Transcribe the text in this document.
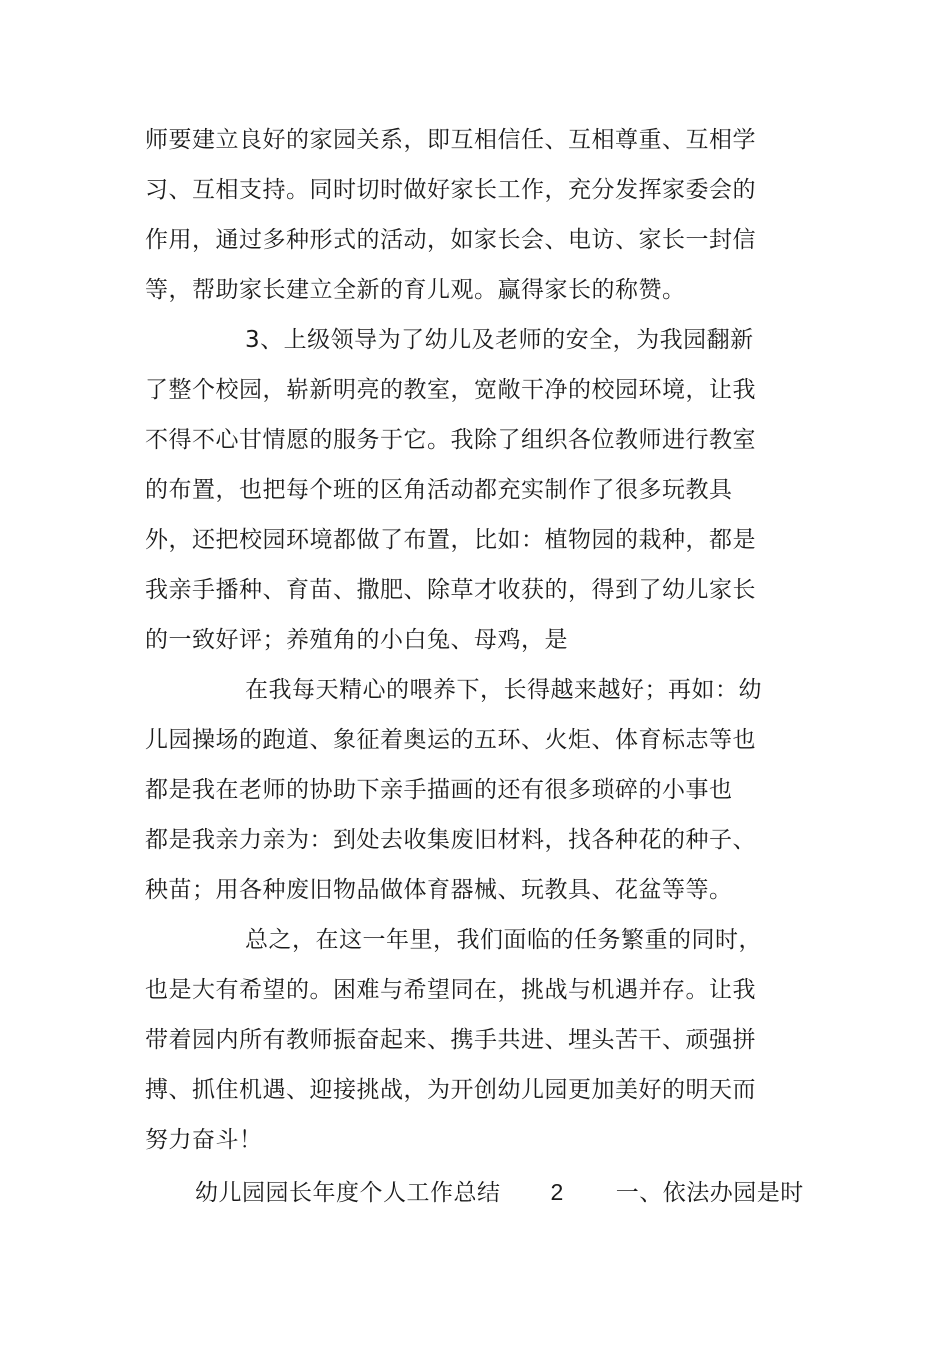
师要建立良好的家园关系，即互相信任、互相尊重、互相学
习、互相支持。同时切时做好家长工作，充分发挥家委会的
作用，通过多种形式的活动，如家长会、电访、家长一封信
等，帮助家长建立全新的育儿观。赢得家长的称赞。
3、上级领导为了幼儿及老师的安全，为我园翻新
了整个校园，崭新明亮的教室，宽敞干净的校园环境，让我
不得不心甘情愿的服务于它。我除了组织各位教师进行教室
的布置，也把每个班的区角活动都充实制作了很多玩教具
外，还把校园环境都做了布置，比如：植物园的栽种，都是
我亲手播种、育苗、撒肥、除草才收获的，得到了幼儿家长
的一致好评；养殖角的小白兔、母鸡，是
在我每天精心的喂养下，长得越来越好；再如：幼
儿园操场的跑道、象征着奥运的五环、火炬、体育标志等也
都是我在老师的协助下亲手描画的还有很多琐碎的小事也
都是我亲力亲为：到处去收集废旧材料，找各种花的种子、
秧苗；用各种废旧物品做体育器械、玩教具、花盆等等。
总之，在这一年里，我们面临的任务繁重的同时，
也是大有希望的。困难与希望同在，挑战与机遇并存。让我
带着园内所有教师振奋起来、携手共进、埋头苦干、顽强拼
搏、抓住机遇、迎接挑战，为开创幼儿园更加美好的明天而
努力奋斗！
幼儿园园长年度个人工作总结 2 一、依法办园是时
